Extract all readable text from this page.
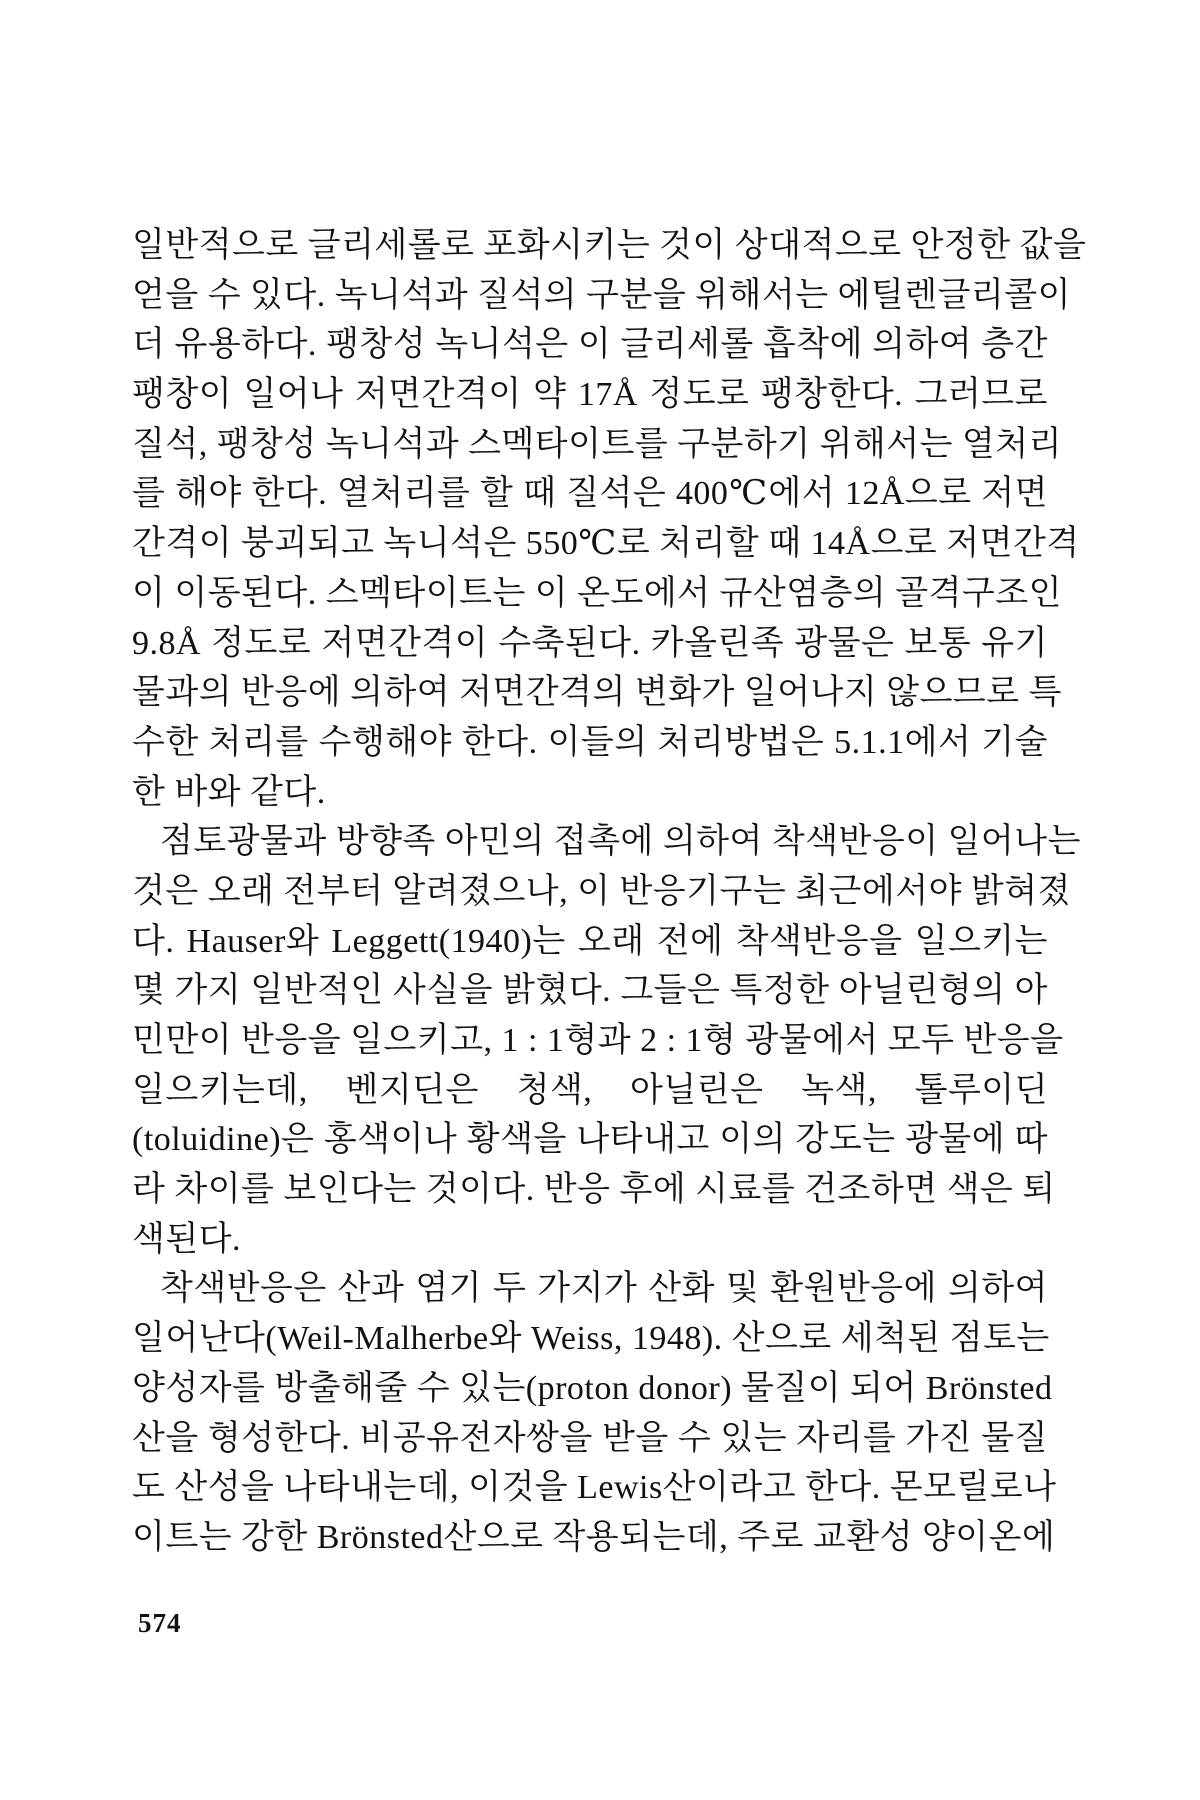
일반적으로 글리세롤로 포화시키는 것이 상대적으로 안정한 값을
얻을 수 있다. 녹니석과 질석의 구분을 위해서는 에틸렌글리콜이
더 유용하다. 팽창성 녹니석은 이 글리세롤 흡착에 의하여 층간
팽창이 일어나 저면간격이 약 17Å 정도로 팽창한다. 그러므로
질석, 팽창성 녹니석과 스멕타이트를 구분하기 위해서는 열처리
를 해야 한다. 열처리를 할 때 질석은 400℃에서 12Å으로 저면
간격이 붕괴되고 녹니석은 550℃로 처리할 때 14Å으로 저면간격
이 이동된다. 스멕타이트는 이 온도에서 규산염층의 골격구조인
9.8Å 정도로 저면간격이 수축된다. 카올린족 광물은 보통 유기
물과의 반응에 의하여 저면간격의 변화가 일어나지 않으므로 특
수한 처리를 수행해야 한다. 이들의 처리방법은 5.1.1에서 기술
한 바와 같다.
점토광물과 방향족 아민의 접촉에 의하여 착색반응이 일어나는
것은 오래 전부터 알려졌으나, 이 반응기구는 최근에서야 밝혀졌
다. Hauser와 Leggett(1940)는 오래 전에 착색반응을 일으키는
몇 가지 일반적인 사실을 밝혔다. 그들은 특정한 아닐린형의 아
민만이 반응을 일으키고, 1 : 1형과 2 : 1형 광물에서 모두 반응을
일으키는데, 벤지딘은 청색, 아닐린은 녹색, 톨루이딘
(toluidine)은 홍색이나 황색을 나타내고 이의 강도는 광물에 따
라 차이를 보인다는 것이다. 반응 후에 시료를 건조하면 색은 퇴
색된다.
착색반응은 산과 염기 두 가지가 산화 및 환원반응에 의하여
일어난다(Weil-Malherbe와 Weiss, 1948). 산으로 세척된 점토는
양성자를 방출해줄 수 있는(proton donor) 물질이 되어 Brönsted
산을 형성한다. 비공유전자쌍을 받을 수 있는 자리를 가진 물질
도 산성을 나타내는데, 이것을 Lewis산이라고 한다. 몬모릴로나
이트는 강한 Brönsted산으로 작용되는데, 주로 교환성 양이온에
574
